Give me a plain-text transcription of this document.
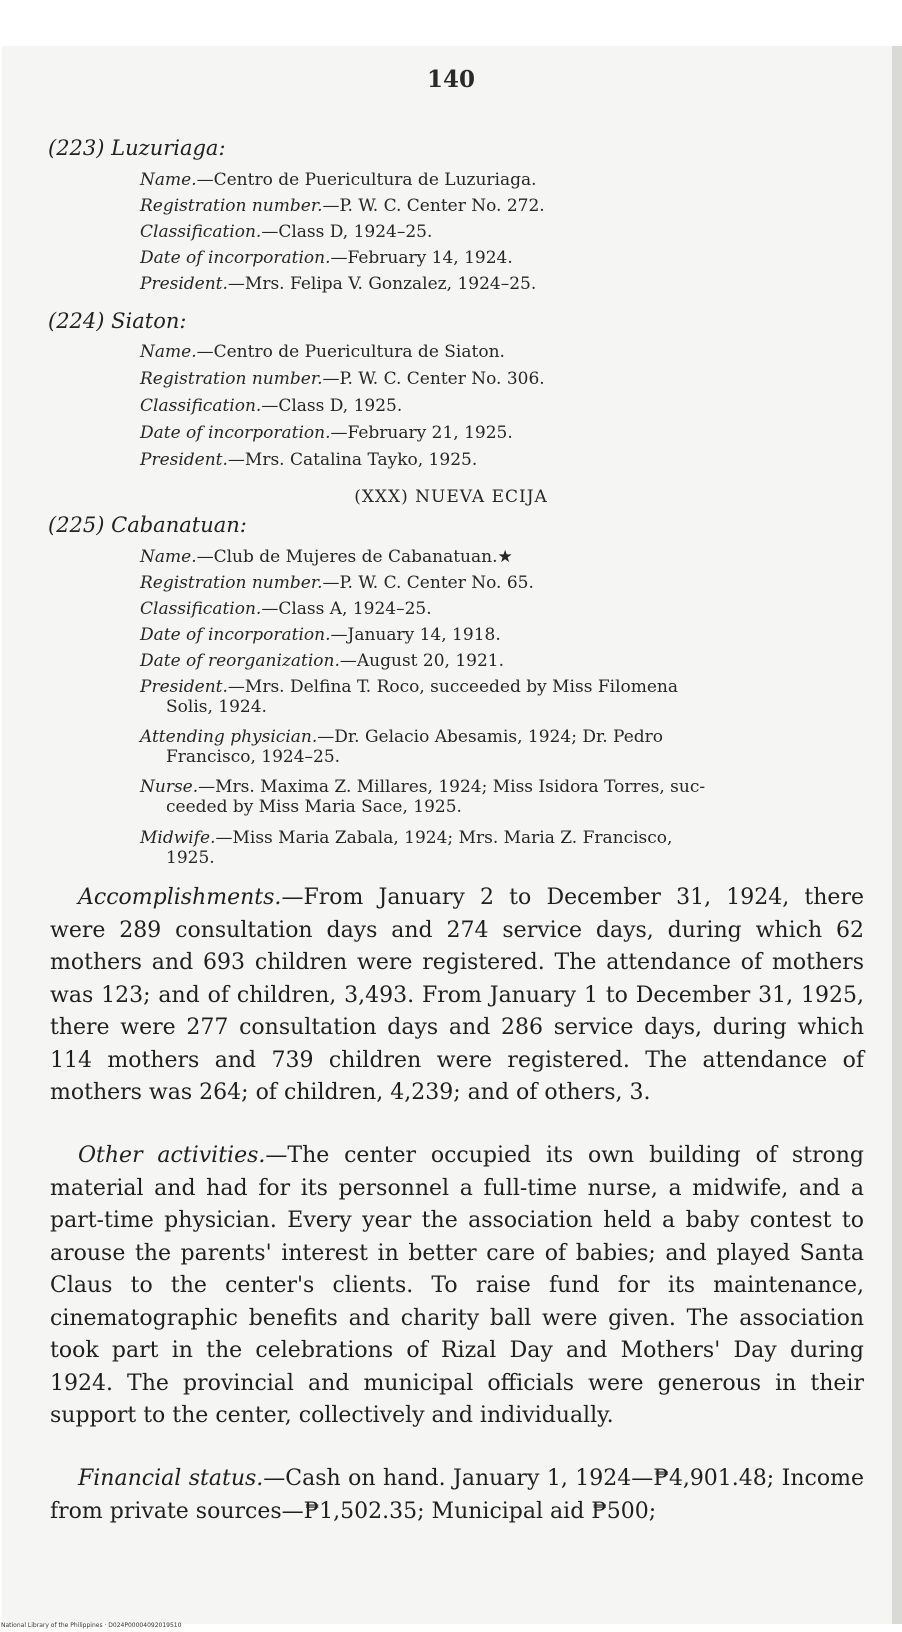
140
(223) Luzuriaga:
Name.—Centro de Puericultura de Luzuriaga.
Registration number.—P. W. C. Center No. 272.
Classification.—Class D, 1924–25.
Date of incorporation.—February 14, 1924.
President.—Mrs. Felipa V. Gonzalez, 1924–25.
(224) Siaton:
Name.—Centro de Puericultura de Siaton.
Registration number.—P. W. C. Center No. 306.
Classification.—Class D, 1925.
Date of incorporation.—February 21, 1925.
President.—Mrs. Catalina Tayko, 1925.
(XXX) NUEVA ECIJA
(225) Cabanatuan:
Name.—Club de Mujeres de Cabanatuan.★
Registration number.—P. W. C. Center No. 65.
Classification.—Class A, 1924–25.
Date of incorporation.—January 14, 1918.
Date of reorganization.—August 20, 1921.
President.—Mrs. Delfina T. Roco, succeeded by Miss Filomena
Solis, 1924.
Attending physician.—Dr. Gelacio Abesamis, 1924; Dr. Pedro
Francisco, 1924–25.
Nurse.—Mrs. Maxima Z. Millares, 1924; Miss Isidora Torres, suc-
ceeded by Miss Maria Sace, 1925.
Midwife.—Miss Maria Zabala, 1924; Mrs. Maria Z. Francisco,
1925.
Accomplishments.—From January 2 to December 31, 1924, there were 289 consultation days and 274 service days, during which 62 mothers and 693 children were registered. The attendance of mothers was 123; and of children, 3,493. From January 1 to December 31, 1925, there were 277 consultation days and 286 service days, during which 114 mothers and 739 children were registered. The attendance of mothers was 264; of children, 4,239; and of others, 3.
Other activities.—The center occupied its own building of strong material and had for its personnel a full-time nurse, a midwife, and a part-time physician. Every year the association held a baby contest to arouse the parents' interest in better care of babies; and played Santa Claus to the center's clients. To raise fund for its maintenance, cinematographic benefits and charity ball were given. The association took part in the celebrations of Rizal Day and Mothers' Day during 1924. The provincial and municipal officials were generous in their support to the center, collectively and individually.
Financial status.—Cash on hand. January 1, 1924—₱4,901.48; Income from private sources—₱1,502.35; Municipal aid ₱500;
National Library of the Philippines · D024P00004092019510
